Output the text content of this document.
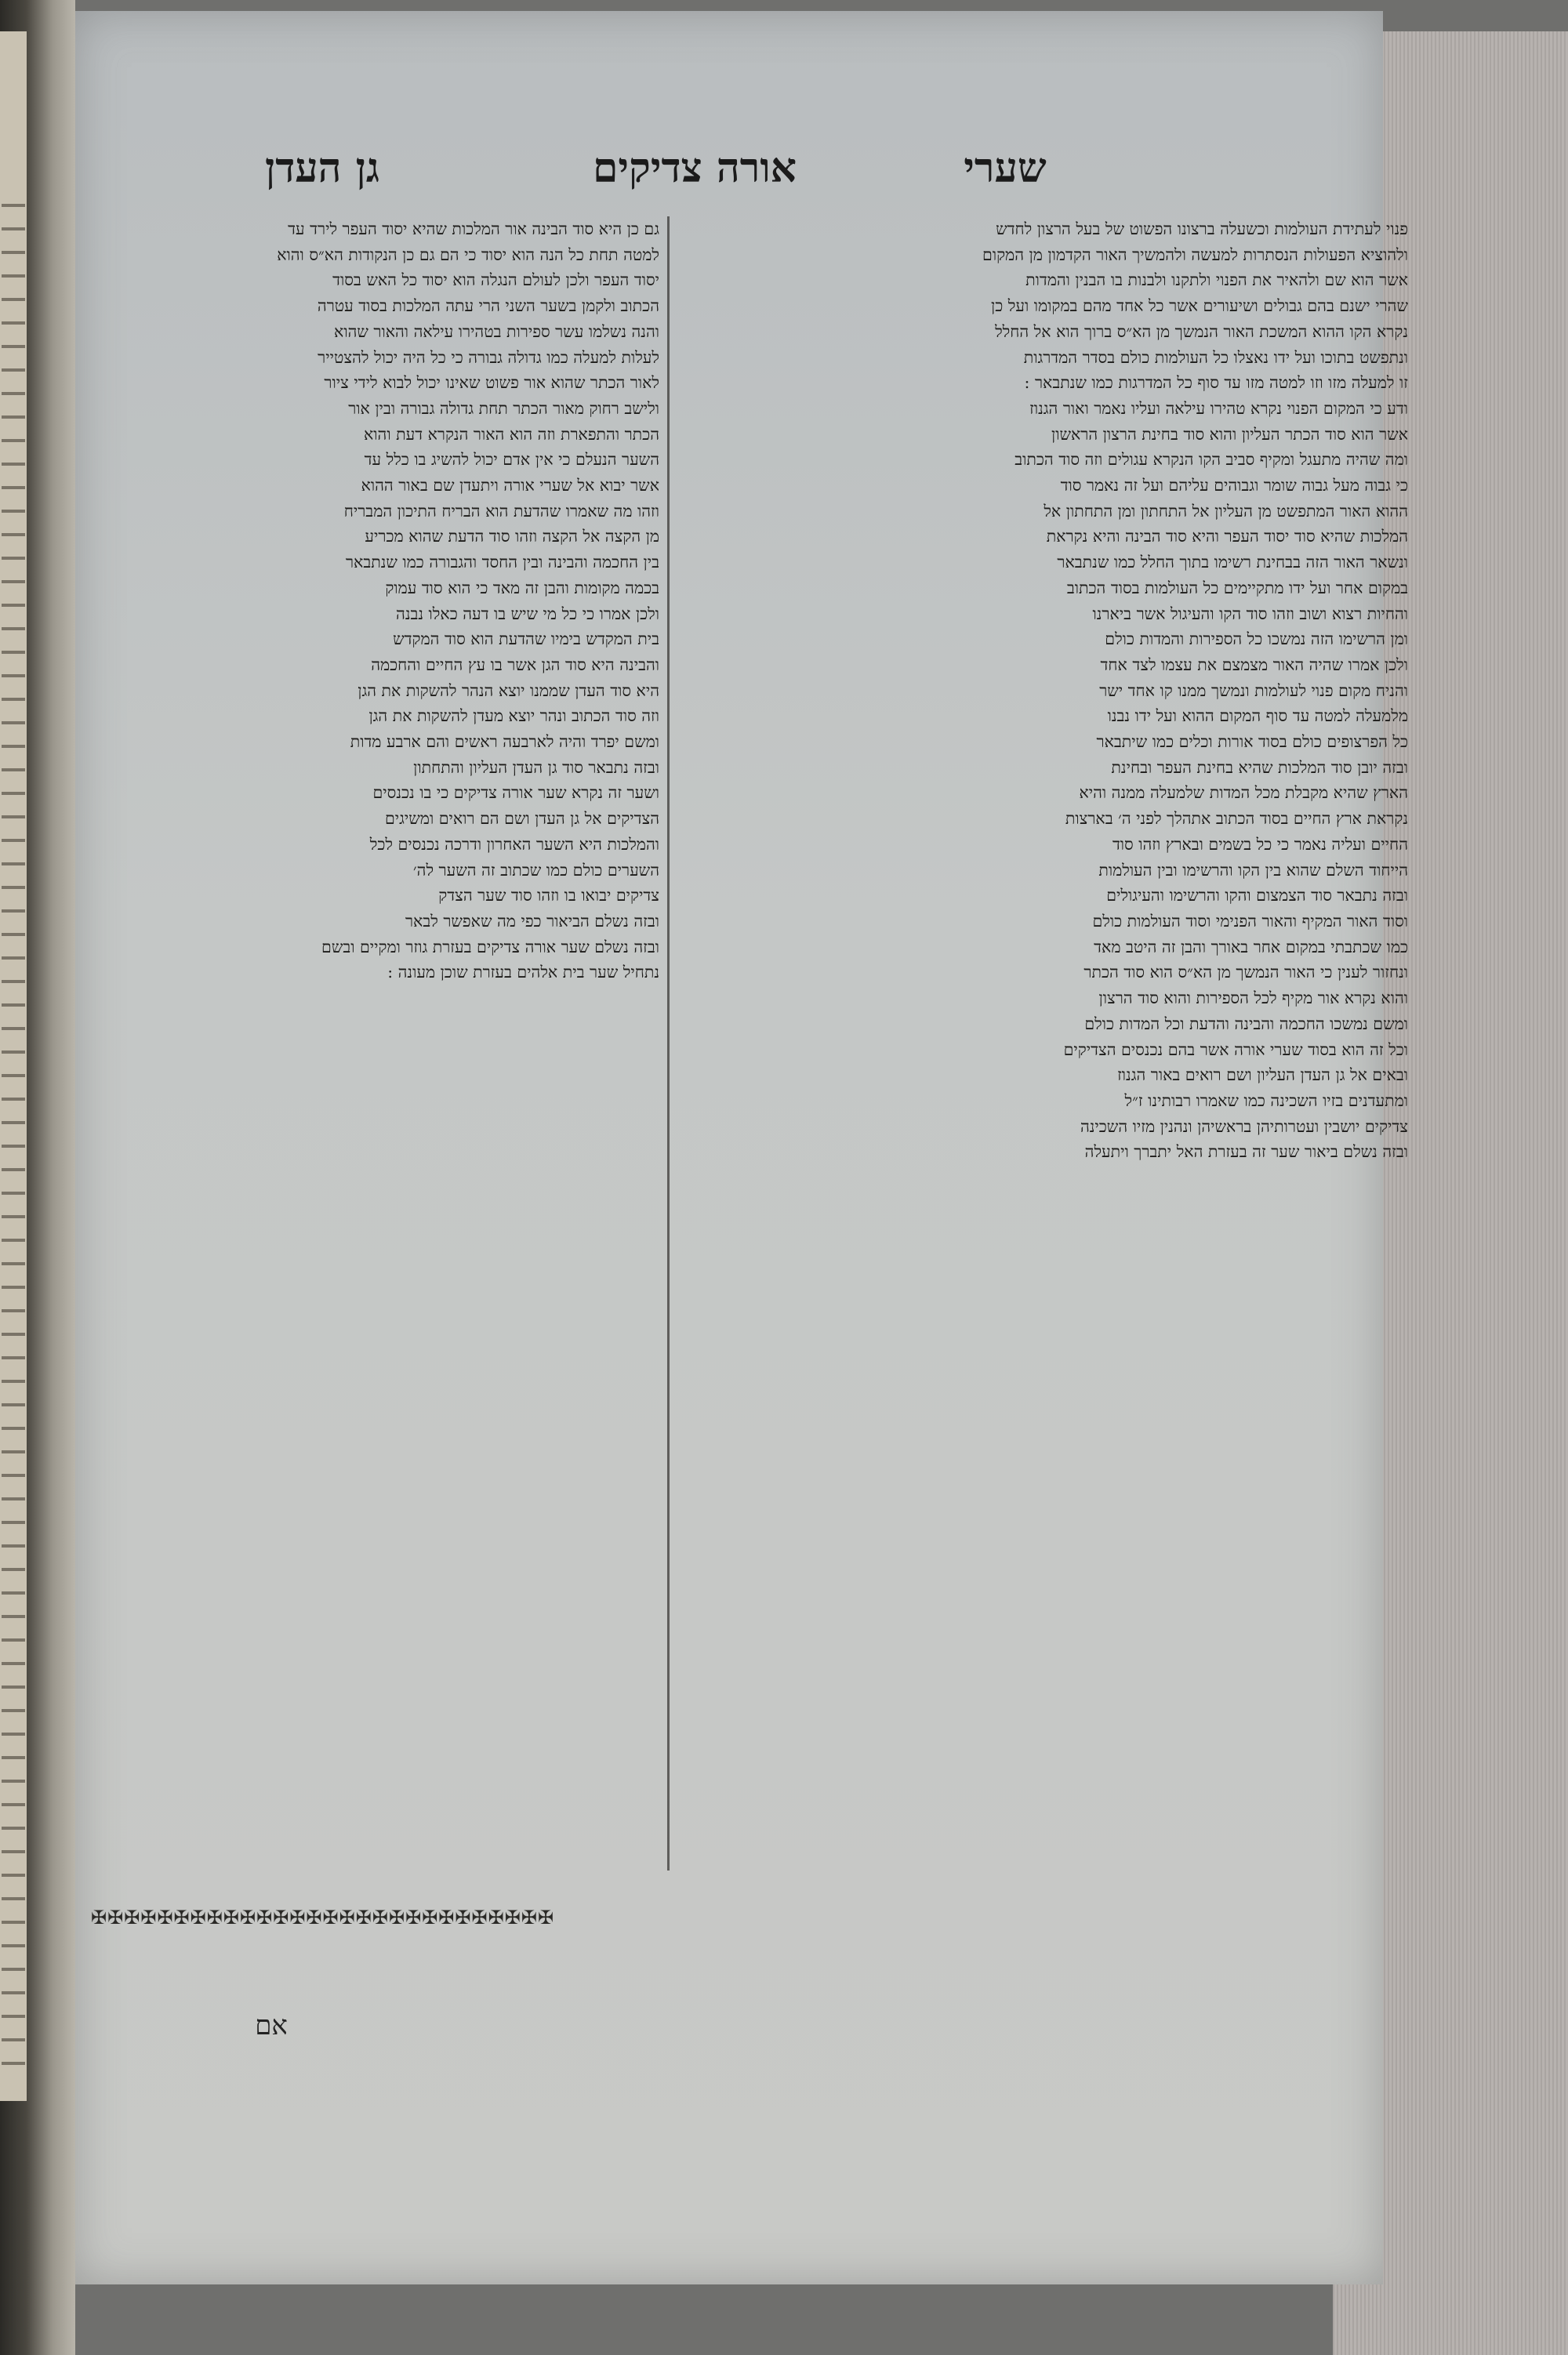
שערי
אורה צדיקים
גן העדן

פנוי לעתידת העולמות וכשעלה ברצונו הפשוט של בעל הרצון לחדש

ולהוציא הפעולות הנסתרות למעשה ולהמשיך האור הקדמון מן המקום

אשר הוא שם ולהאיר את הפנוי ולתקנו ולבנות בו הבנין והמדות

שהרי ישנם בהם גבולים ושיעורים אשר כל אחד מהם במקומו ועל כן

נקרא הקו ההוא המשכת האור הנמשך מן הא״ס ברוך הוא אל החלל

ונתפשט בתוכו ועל ידו נאצלו כל העולמות כולם בסדר המדרגות

זו למעלה מזו וזו למטה מזו עד סוף כל המדרגות כמו שנתבאר :

ודע כי המקום הפנוי נקרא טהירו עילאה ועליו נאמר ואור הגנוז

אשר הוא סוד הכתר העליון והוא סוד בחינת הרצון הראשון

ומה שהיה מתעגל ומקיף סביב הקו הנקרא עגולים וזה סוד הכתוב

כי גבוה מעל גבוה שומר וגבוהים עליהם ועל זה נאמר סוד

ההוא האור המתפשט מן העליון אל התחתון ומן התחתון אל

המלכות שהיא סוד יסוד העפר והיא סוד הבינה והיא נקראת

ונשאר האור הזה בבחינת רשימו בתוך החלל כמו שנתבאר

במקום אחר ועל ידו מתקיימים כל העולמות בסוד הכתוב

והחיות רצוא ושוב וזהו סוד הקו והעיגול אשר ביארנו

ומן הרשימו הזה נמשכו כל הספירות והמדות כולם

ולכן אמרו שהיה האור מצמצם את עצמו לצד אחד

והניח מקום פנוי לעולמות ונמשך ממנו קו אחד ישר

מלמעלה למטה עד סוף המקום ההוא ועל ידו נבנו

כל הפרצופים כולם בסוד אורות וכלים כמו שיתבאר

ובזה יובן סוד המלכות שהיא בחינת העפר ובחינת

הארץ שהיא מקבלת מכל המדות שלמעלה ממנה והיא

נקראת ארץ החיים בסוד הכתוב אתהלך לפני ה׳ בארצות

החיים ועליה נאמר כי כל בשמים ובארץ וזהו סוד

הייחוד השלם שהוא בין הקו והרשימו ובין העולמות

ובזה נתבאר סוד הצמצום והקו והרשימו והעיגולים

וסוד האור המקיף והאור הפנימי וסוד העולמות כולם

כמו שכתבתי במקום אחר באורך והבן זה היטב מאד

ונחזור לענין כי האור הנמשך מן הא״ס הוא סוד הכתר

והוא נקרא אור מקיף לכל הספירות והוא סוד הרצון

ומשם נמשכו החכמה והבינה והדעת וכל המדות כולם

וכל זה הוא בסוד שערי אורה אשר בהם נכנסים הצדיקים

ובאים אל גן העדן העליון ושם רואים באור הגנוז

ומתעדנים בזיו השכינה כמו שאמרו רבותינו ז״ל

צדיקים יושבין ועטרותיהן בראשיהן ונהנין מזיו השכינה

ובזה נשלם ביאור שער זה בעזרת האל יתברך ויתעלה

גם כן היא סוד הבינה אור המלכות שהיא יסוד העפר לירד עד

למטה תחת כל הנה הוא יסוד כי הם גם כן הנקודות הא״ס והוא

יסוד העפר ולכן לעולם הנגלה הוא יסוד כל האש בסוד

הכתוב ולקמן בשער השני הרי עתה המלכות בסוד עטרה

והנה נשלמו עשר ספירות בטהירו עילאה והאור שהוא

לעלות למעלה כמו גדולה גבורה כי כל היה יכול להצטייר

לאור הכתר שהוא אור פשוט שאינו יכול לבוא לידי ציור

ולישב רחוק מאור הכתר תחת גדולה גבורה ובין אור

הכתר והתפארת וזה הוא האור הנקרא דעת והוא

השער הנעלם כי אין אדם יכול להשיג בו כלל עד

אשר יבוא אל שערי אורה ויתעדן שם באור ההוא

וזהו מה שאמרו שהדעת הוא הבריח התיכון המבריח

מן הקצה אל הקצה וזהו סוד הדעת שהוא מכריע

בין החכמה והבינה ובין החסד והגבורה כמו שנתבאר

בכמה מקומות והבן זה מאד כי הוא סוד עמוק

ולכן אמרו כי כל מי שיש בו דעה כאלו נבנה

בית המקדש בימיו שהדעת הוא סוד המקדש

והבינה היא סוד הגן אשר בו עץ החיים והחכמה

היא סוד העדן שממנו יוצא הנהר להשקות את הגן

וזה סוד הכתוב ונהר יוצא מעדן להשקות את הגן

ומשם יפרד והיה לארבעה ראשים והם ארבע מדות

ובזה נתבאר סוד גן העדן העליון והתחתון

ושער זה נקרא שער אורה צדיקים כי בו נכנסים

הצדיקים אל גן העדן ושם הם רואים ומשיגים

והמלכות היא השער האחרון ודרכה נכנסים לכל

השערים כולם כמו שכתוב זה השער לה׳

צדיקים יבואו בו וזהו סוד שער הצדק

ובזה נשלם הביאור כפי מה שאפשר לבאר

ובזה נשלם שער אורה צדיקים בעזרת גוזר ומקיים ובשם

נתחיל שער בית אלהים בעזרת שוכן מעונה :

✠✠✠✠✠✠✠✠✠✠✠✠✠✠✠✠✠✠✠✠✠✠✠✠✠✠✠✠
אם
